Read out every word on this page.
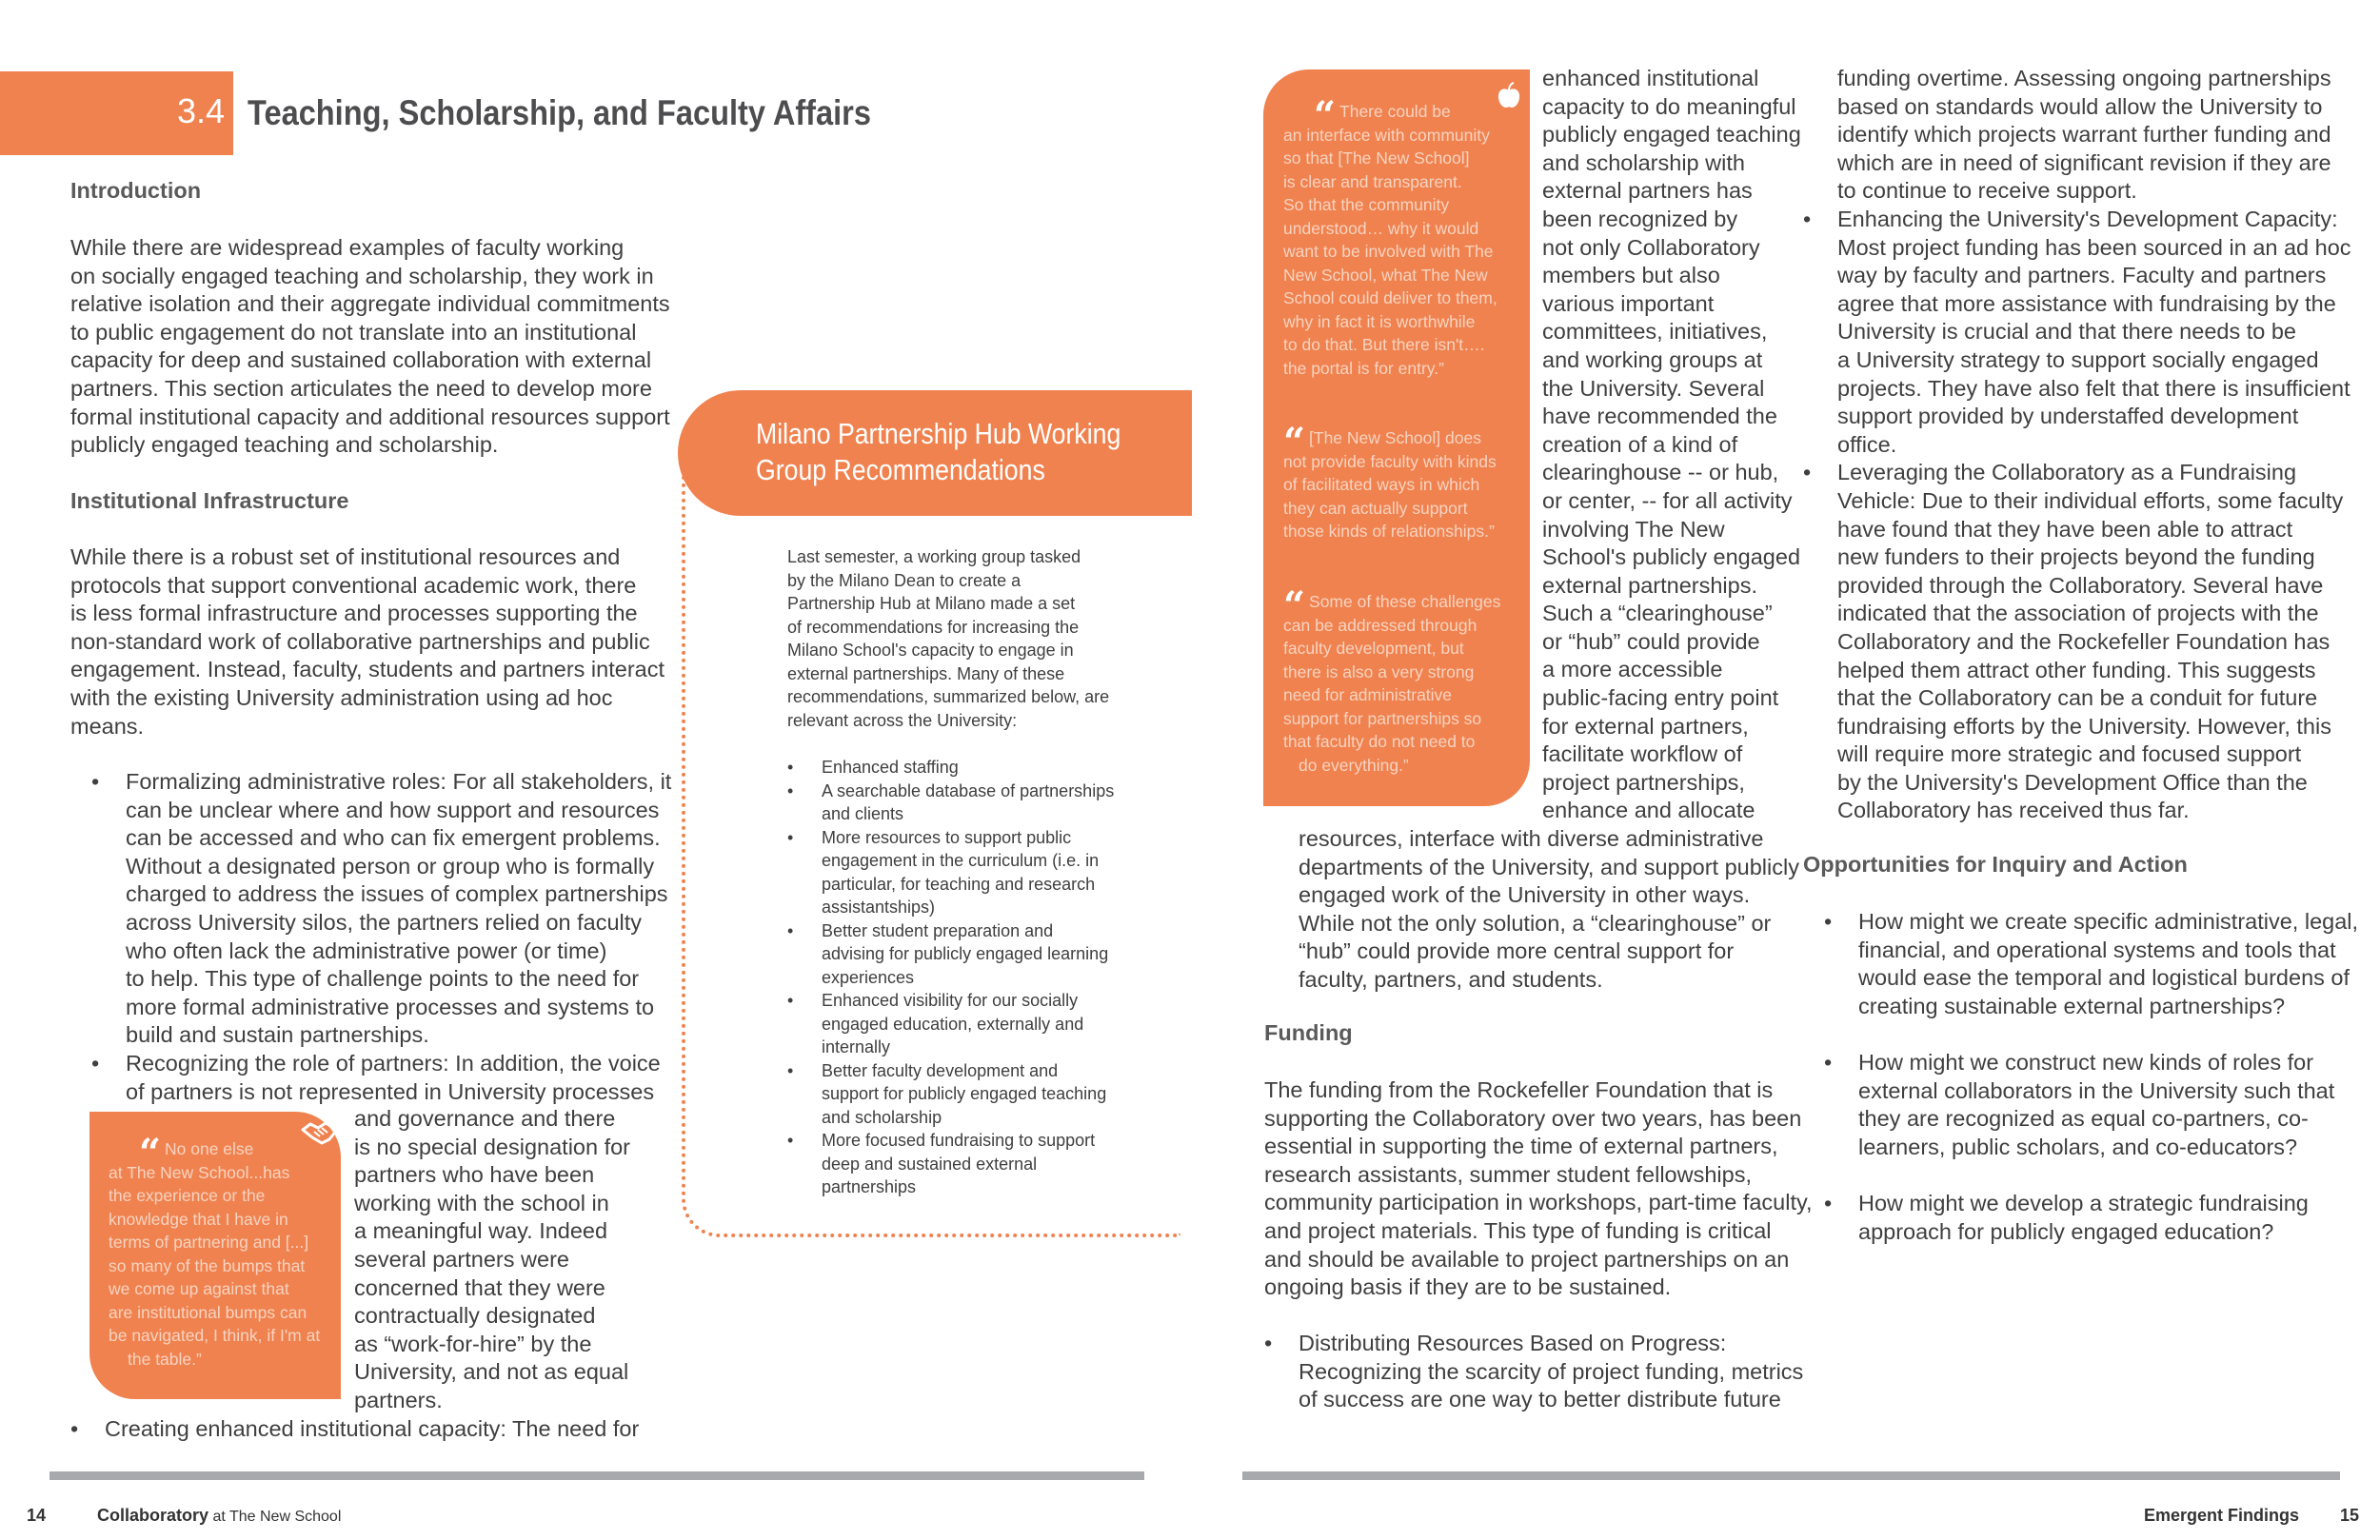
3.4 Teaching, Scholarship, and Faculty Affairs
Introduction
While there are widespread examples of faculty working
on socially engaged teaching and scholarship, they work in
relative isolation and their aggregate individual commitments
to public engagement do not translate into an institutional
capacity for deep and sustained collaboration with external
partners. This section articulates the need to develop more
formal institutional capacity and additional resources support
publicly engaged teaching and scholarship.
Institutional Infrastructure
While there is a robust set of institutional resources and
protocols that support conventional academic work, there
is less formal infrastructure and processes supporting the
non-standard work of collaborative partnerships and public
engagement. Instead, faculty, students and partners interact
with the existing University administration using ad hoc
means.
• Formalizing administrative roles: For all stakeholders, it
can be unclear where and how support and resources
can be accessed and who can fix emergent problems.
Without a designated person or group who is formally
charged to address the issues of complex partnerships
across University silos, the partners relied on faculty
who often lack the administrative power (or time)
to help. This type of challenge points to the need for
more formal administrative processes and systems to
build and sustain partnerships.
• Recognizing the role of partners: In addition, the voice
of partners is not represented in University processes
and governance and there
is no special designation for
partners who have been
working with the school in
a meaningful way. Indeed
several partners were
concerned that they were
contractually designated
as “work-for-hire” by the
University, and not as equal
partners.
• Creating enhanced institutional capacity: The need for
“ No one else
at The New School...has
the experience or the
knowledge that I have in
terms of partnering and [...]
so many of the bumps that
we come up against that
are institutional bumps can
be navigated, I think, if I'm at
the table.”
Milano Partnership Hub Working
Group Recommendations
Last semester, a working group tasked
by the Milano Dean to create a
Partnership Hub at Milano made a set
of recommendations for increasing the
Milano School's capacity to engage in
external partnerships. Many of these
recommendations, summarized below, are
relevant across the University:
• Enhanced staffing
• A searchable database of partnerships
and clients
• More resources to support public
engagement in the curriculum (i.e. in
particular, for teaching and research
assistantships)
• Better student preparation and
advising for publicly engaged learning
experiences
• Enhanced visibility for our socially
engaged education, externally and
internally
• Better faculty development and
support for publicly engaged teaching
and scholarship
• More focused fundraising to support
deep and sustained external
partnerships
14	Collaboratory at The New School
“ There could be
an interface with community
so that [The New School]
is clear and transparent.
So that the community
understood… why it would
want to be involved with The
New School, what The New
School could deliver to them,
why in fact it is worthwhile
to do that. But there isn't….
the portal is for entry.”
“ [The New School] does
not provide faculty with kinds
of facilitated ways in which
they can actually support
those kinds of relationships.”
“ Some of these challenges
can be addressed through
faculty development, but
there is also a very strong
need for administrative
support for partnerships so
that faculty do not need to
do everything.”
enhanced institutional
capacity to do meaningful
publicly engaged teaching
and scholarship with
external partners has
been recognized by
not only Collaboratory
members but also
various important
committees, initiatives,
and working groups at
the University. Several
have recommended the
creation of a kind of
clearinghouse -- or hub,
or center, -- for all activity
involving The New
School's publicly engaged
external partnerships.
Such a “clearinghouse”
or “hub” could provide
a more accessible
public-facing entry point
for external partners,
facilitate workflow of
project partnerships,
enhance and allocate
resources, interface with diverse administrative
departments of the University, and support publicly
engaged work of the University in other ways.
While not the only solution, a “clearinghouse” or
“hub” could provide more central support for
faculty, partners, and students.
Funding
The funding from the Rockefeller Foundation that is
supporting the Collaboratory over two years, has been
essential in supporting the time of external partners,
research assistants, summer student fellowships,
community participation in workshops, part-time faculty,
and project materials. This type of funding is critical
and should be available to project partnerships on an
ongoing basis if they are to be sustained.
• Distributing Resources Based on Progress:
Recognizing the scarcity of project funding, metrics
of success are one way to better distribute future
funding overtime. Assessing ongoing partnerships
based on standards would allow the University to
identify which projects warrant further funding and
which are in need of significant revision if they are
to continue to receive support.
• Enhancing the University's Development Capacity:
Most project funding has been sourced in an ad hoc
way by faculty and partners. Faculty and partners
agree that more assistance with fundraising by the
University is crucial and that there needs to be
a University strategy to support socially engaged
projects. They have also felt that there is insufficient
support provided by understaffed development
office.
• Leveraging the Collaboratory as a Fundraising
Vehicle: Due to their individual efforts, some faculty
have found that they have been able to attract
new funders to their projects beyond the funding
provided through the Collaboratory. Several have
indicated that the association of projects with the
Collaboratory and the Rockefeller Foundation has
helped them attract other funding. This suggests
that the Collaboratory can be a conduit for future
fundraising efforts by the University. However, this
will require more strategic and focused support
by the University's Development Office than the
Collaboratory has received thus far.
Opportunities for Inquiry and Action
• How might we create specific administrative, legal,
financial, and operational systems and tools that
would ease the temporal and logistical burdens of
creating sustainable external partnerships?
• How might we construct new kinds of roles for
external collaborators in the University such that
they are recognized as equal co-partners, co-
learners, public scholars, and co-educators?
• How might we develop a strategic fundraising
approach for publicly engaged education?
Emergent Findings 15
